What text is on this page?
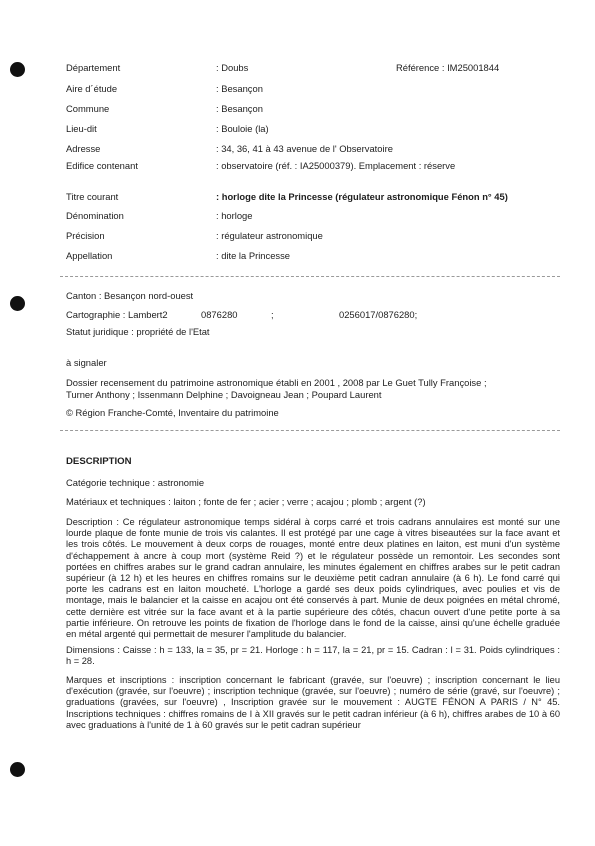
Département	: Doubs	Référence : IM25001844
Aire d´étude	: Besançon
Commune	: Besançon
Lieu-dit	: Bouloie (la)
Adresse	: 34, 36, 41 à 43 avenue de l' Observatoire
Edifice contenant	: observatoire (réf. : IA25000379). Emplacement : réserve
Titre courant	: horloge dite la Princesse (régulateur astronomique Fénon n° 45)
Dénomination	: horloge
Précision	: régulateur astronomique
Appellation	: dite la Princesse
Canton : Besançon nord-ouest
Cartographie : Lambert2	0876280	;	0256017/0876280;
Statut juridique : propriété de l'Etat
à signaler
Dossier recensement du patrimoine astronomique établi en 2001 , 2008 par Le Guet Tully Françoise ;
Turner Anthony ; Issenmann Delphine ; Davoigneau Jean ; Poupard Laurent
© Région Franche-Comté, Inventaire du patrimoine
DESCRIPTION
Catégorie technique : astronomie
Matériaux et techniques : laiton ; fonte de fer ; acier ; verre ; acajou ; plomb ; argent (?)
Description : Ce régulateur astronomique temps sidéral à corps carré et trois cadrans annulaires est monté sur une lourde plaque de fonte munie de trois vis calantes. Il est protégé par une cage à vitres biseautées sur la face avant et les trois côtés. Le mouvement à deux corps de rouages, monté entre deux platines en laiton, est muni d'un système d'échappement à ancre à coup mort (système Reid ?) et le régulateur possède un remontoir. Les secondes sont portées en chiffres arabes sur le grand cadran annulaire, les minutes également en chiffres arabes sur le petit cadran supérieur (à 12 h) et les heures en chiffres romains sur le deuxième petit cadran annulaire (à 6 h). Le fond carré qui porte les cadrans est en laiton moucheté. L'horloge a gardé ses deux poids cylindriques, avec poulies et vis de montage, mais le balancier et la caisse en acajou ont été conservés à part. Munie de deux poignées en métal chromé, cette dernière est vitrée sur la face avant et à la partie supérieure des côtés, chacun ouvert d'une petite porte à sa partie inférieure. On retrouve les points de fixation de l'horloge dans le fond de la caisse, ainsi qu'une échelle graduée en métal argenté qui permettait de mesurer l'amplitude du balancier.
Dimensions : Caisse : h = 133, la = 35, pr = 21. Horloge : h = 117, la = 21, pr = 15. Cadran : l = 31. Poids cylindriques : h = 28.
Marques et inscriptions : inscription concernant le fabricant (gravée, sur l'oeuvre) ; inscription concernant le lieu d'exécution (gravée, sur l'oeuvre) ; inscription technique (gravée, sur l'oeuvre) ; numéro de série (gravé, sur l'oeuvre) ; graduations (gravées, sur l'oeuvre) , Inscription gravée sur le mouvement : AUGTE FÉNON A PARIS / N° 45. Inscriptions techniques : chiffres romains de I à XII gravés sur le petit cadran inférieur (à 6 h), chiffres arabes de 10 à 60 avec graduations à l'unité de 1 à 60 gravés sur le petit cadran supérieur
